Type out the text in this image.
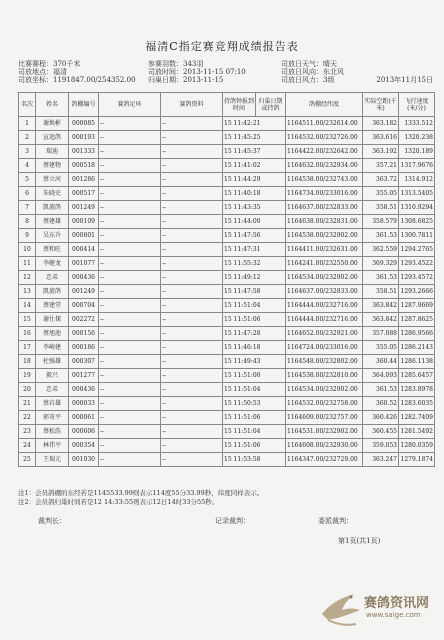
福清C指定赛竞翔成绩报告表
比赛赛程：370千米
司放地点：福清
司放坐标：1191847.00/254352.00
参赛羽数：343羽
司放时间：2013-11-15 07:10
归巢日期：2013-11-15
司放日天气：晴天
司放日风向：东北风
司放日风力：3级	2013年11月15日
名次	姓名	鸽棚编号	赛鸽足环	赛鸽资料	持鸽钟报到时间	归巢日期或持鸽	鸽棚经纬度	实际空距(千米)	飞行速度(米/分)
1	谢焕彬	000085	--	--	15 11:42:21		1164511.00/232614.00	363.182	1333.512
2	宣追鸽	000193	--	--	15 11:45:25		1164532.00/232726.00	363.616	1320.238
3	瑞迪	001333	--	--	15 11:45:37		1164422.00/232642.00	363.192	1320.189
4	蔡建物	000518	--	--	15 11:41:02		1164632.00/232934.00	357.21	1317.9676
5	蔡立河	001286	--	--	15 11:44:29		1164538.00/232743.00	363.72	1314.912
6	朱晓史	000517	--	--	15 11:40:18		1164734.00/233016.00	355.05	1313.5405
7	凯旋鸽	001249	--	--	15 11:43:35		1164637.00/232833.00	358.51	1310.9294
8	蔡建雄	000109	--	--	15 11:44:00		1164638.00/232831.00	358.579	1308.6825
9	吴东升	000801	--	--	15 11:47:56		1164538.00/232902.00	361.53	1300.7811
10	蔡和旺	000414	--	--	15 11:47:31		1164411.00/232631.00	362.559	1294.2765
11	李健龙	001077	--	--	15 11:55:32		1164241.00/232550.00	369.329	1293.4522
12	忠弟	000436	--	--	15 11:49:12		1164534.00/232902.00	361.53	1293.4572
13	凯旋鸽	001249	--	--	15 11:47:58		1164637.00/232833.00	358.51	1293.2666
14	蔡建堂	000704	--	--	15 11:51:04		1164444.00/232716.00	363.842	1287.9669
15	谢仕探	002272	--	--	15 11:51:06		1164444.00/232716.00	363.842	1287.8625
16	蔡旭池	000156	--	--	15 11:47:28		1164652.00/232921.00	357.088	1286.9566
17	李崎建	000186	--	--	15 11:46:18		1164724.00/233016.00	355.05	1286.2143
18	杜强雄	000307	--	--	15 11:49:43		1164548.00/232802.00	360.44	1286.1138
19	毅兴	001277	--	--	15 11:51:00		1164538.00/232810.00	364.093	1285.6457
20	忠弟	000436	--	--	15 11:51:04		1164534.00/232902.00	361.53	1283.8978
21	蔡岩雄	000033	--	--	15 11:50:53		1164532.00/232758.00	360.52	1283.6035
22	郭奇平	000061	--	--	15 11:51:06		1164609.00/232757.00	360.426	1282.7409
23	蔡松浩	000606	--	--	15 11:51:04		1164531.00/232902.00	360.455	1281.5492
24	林伟平	000354	--	--	15 11:51:06		1164608.00/232930.00	359.053	1280.0359
25	王瑞元	001030	--	--	15 11:53:58		1164347.00/232729.00	363.247	1279.1874
注1：会员鸽棚的东经若是1145533.99则表示114度55分33.99秒，纬度同样表示。
注2：会员鸽归巢时间若是12 14:33:55则表示12日14时33分55秒。
裁判长：	记录裁判：	委派裁判：
第1页(共1页)
赛鸽资讯网
www.saige.com
